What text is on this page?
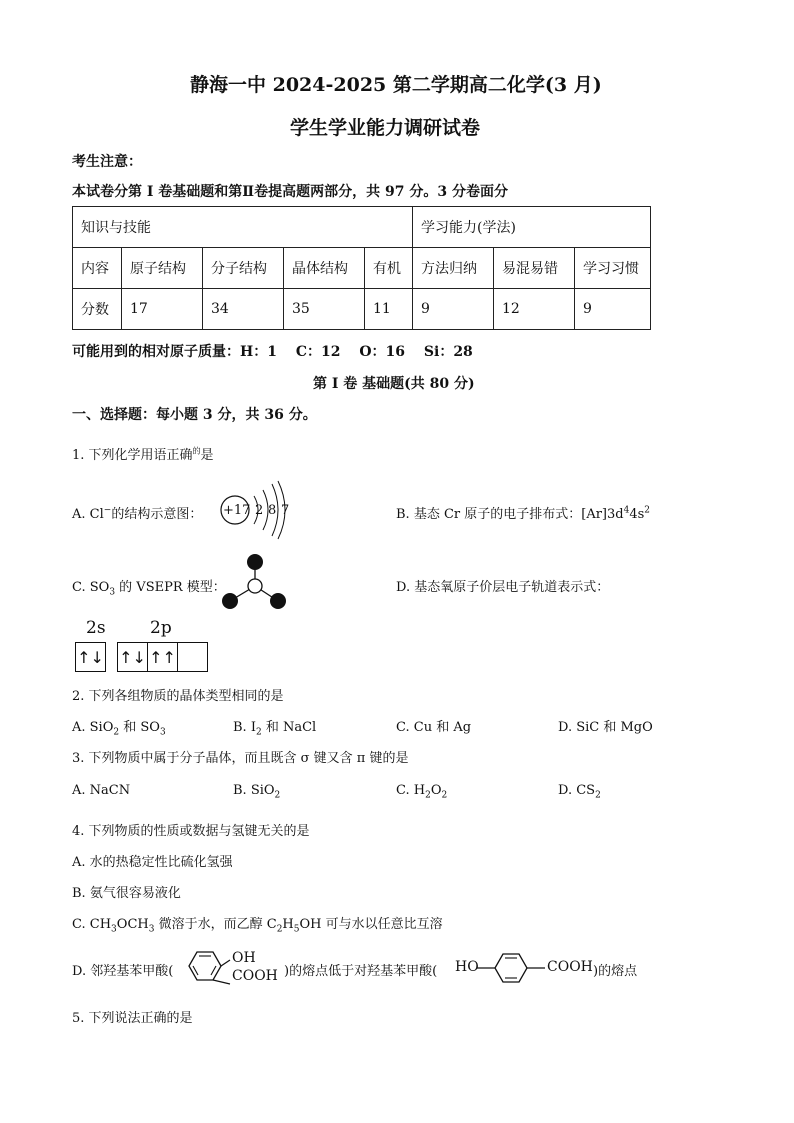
静海一中 2024-2025 第二学期高二化学(3 月)
学生学业能力调研试卷
考生注意：
本试卷分第 I 卷基础题和第Ⅱ卷提高题两部分，共 97 分。3 分卷面分
知识与技能					学习能力(学法)		
内容	原子结构	分子结构	晶体结构	有机	方法归纳	易混易错	学习习惯
分数	17	34	35	11	9	12	9
可能用到的相对原子质量：H：1　 C：12　 O：16　 Si：28
第 I 卷 基础题(共 80 分)
一、选择题：每小题 3 分，共 36 分。
1. 下列化学用语正确$^的$是
A. Cl−的结构示意图： +17 2 8 7	B. 基态 Cr 原子的电子排布式：$[Ar]3d^44s^2$
C. $SO_3$ 的 VSEPR 模型：	D. 基态氧原子价层电子轨道表示式：
2s	2p
↑↓ ↑↓ ↑↑
2. 下列各组物质的晶体类型相同的是
A. SiO$_2$ 和 $SO_3$	B. $I_2$ 和 NaCl	C. Cu 和 Ag	D. SiC 和 MgO
3. 下列物质中属于分子晶体，而且既含 σ 键又含 π 键的是
A. NaCN	B. SiO$_2$	C. $H_2O_2$	D. $CS_2$
4. 下列物质的性质或数据与氢键无关的是
A. 水的热稳定性比硫化氢强
B. 氨气很容易液化
C. $CH_3OCH_3$ 微溶于水，而乙醇 $C_2H_5OH$ 可与水以任意比互溶
D. 邻羟基苯甲酸(
OH
COOH )的熔点低于对羟基苯甲酸( HO	COOH )的熔点
5. 下列说法正确的是
